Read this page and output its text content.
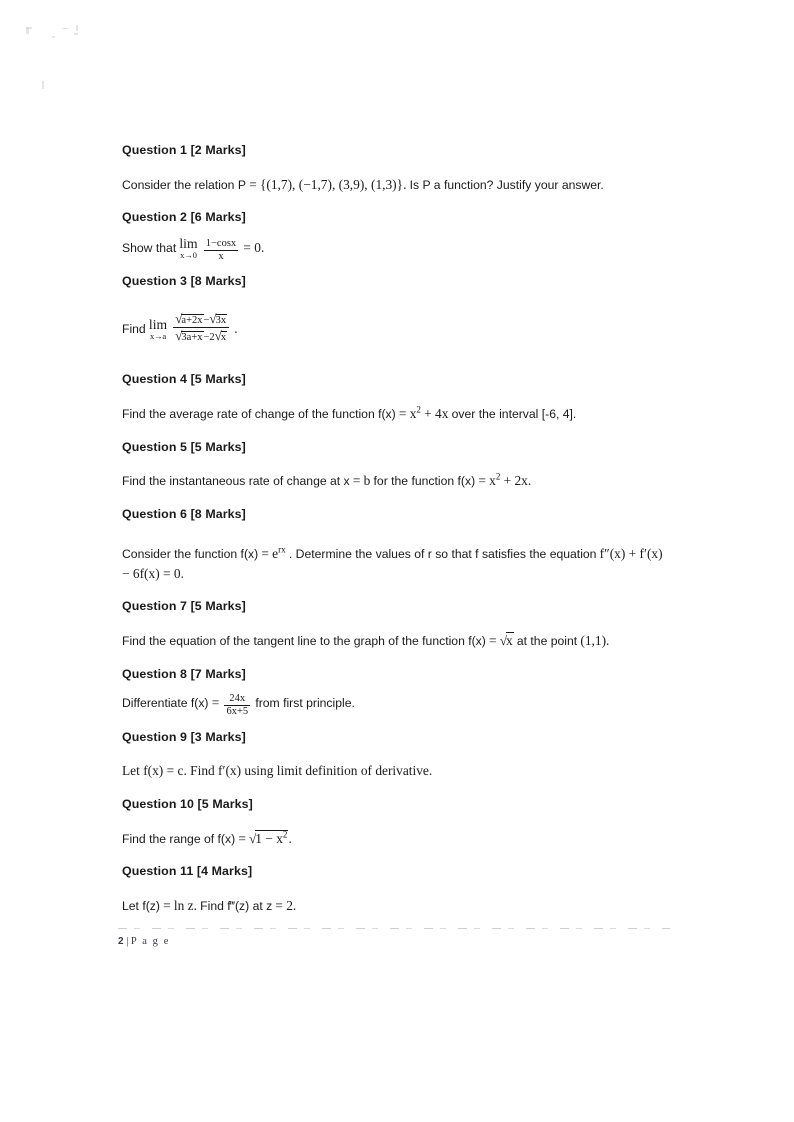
Question 1 [2 Marks]

Consider the relation P = {(1,7), (−1,7), (3,9), (1,3)}. Is P a function? Justify your answer.

Question 2 [6 Marks]

Show that lim
x→0
$\frac{1-\cos x}{x} = 0$.

Question 3 [8 Marks]

Find lim
x→a
$\frac{√a+2x-√3x}{√3a+x-2√x}$ .

Question 4 [5 Marks]

Find the average rate of change of the function $f(x) = x^2 + 4x$ over the interval [-6, 4].

Question 5 [5 Marks]

Find the instantaneous rate of change at x = b for the function $f(x) = x^2 + 2x$.

Question 6 [8 Marks]

Consider the function $f(x) = e^{rx}$ . Determine the values of r so that f satisfies the equation f″(x) + f′(x) − 6f(x) = 0.

Question 7 [5 Marks]

Find the equation of the tangent line to the graph of the function f(x) = √x at the point (1,1).

Question 8 [7 Marks]

Differentiate $f(x) = \frac{24x}{6x+5}$ from first principle.

Question 9 [3 Marks]

Let f(x) = c. Find f′(x) using limit definition of derivative.

Question 10 [5 Marks]

Find the range of $f(x) = √1 - x^2$.

Question 11 [4 Marks]

Let f(z) = ln z. Find f‴(z) at z = 2.

2 | P a g e
